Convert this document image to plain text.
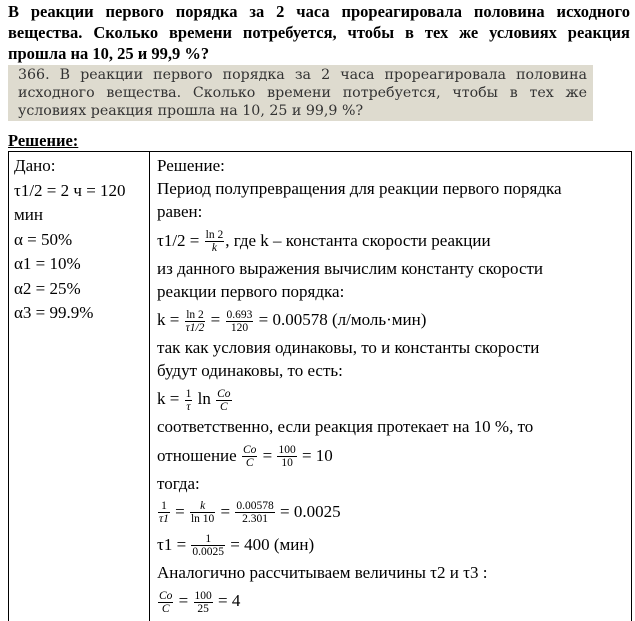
В реакции первого порядка за 2 часа прореагировала половина исходного вещества. Сколько времени потребуется, чтобы в тех же условиях реакция прошла на 10, 25 и 99,9 %?
366. В реакции первого порядка за 2 часа прореагировала половина исходного вещества. Сколько времени потребуется, чтобы в тех же условиях реакция прошла на 10, 25 и 99,9 %?
Решение:
Дано:
τ1/2 = 2 ч = 120
мин
α = 50%
α1 = 10%
α2 = 25%
α3 = 99.9%
Решение:
Период полупревращения для реакции первого порядка
равен:
$\tau 1/2 = \frac{\ln 2}{k}$ , где k – константа скорости реакции
из данного выражения вычислим константу скорости
реакции первого порядка:
$k = \frac{\ln 2}{\tau 1/2} = \frac{0.693}{120} = 0.00578$ (л/моль·мин)
так как условия одинаковы, то и константы скорости
будут одинаковы, то есть:
$k = \frac{1}{\tau}$ $\ln \frac{Co}{C}$
соответственно, если реакция протекает на 10 %, то
отношение $\frac{Co}{C} = \frac{100}{10} = 10$
тогда:
$\frac{1}{\tau 1} = \frac{k}{\ln 10} = \frac{0.00578}{2.301} = 0.0025$
$\tau 1 = \frac{1}{0.0025} = 400$ (мин)
Аналогично рассчитываем величины τ2 и τ3 :
$\frac{Co}{C} = \frac{100}{25} = 4$
